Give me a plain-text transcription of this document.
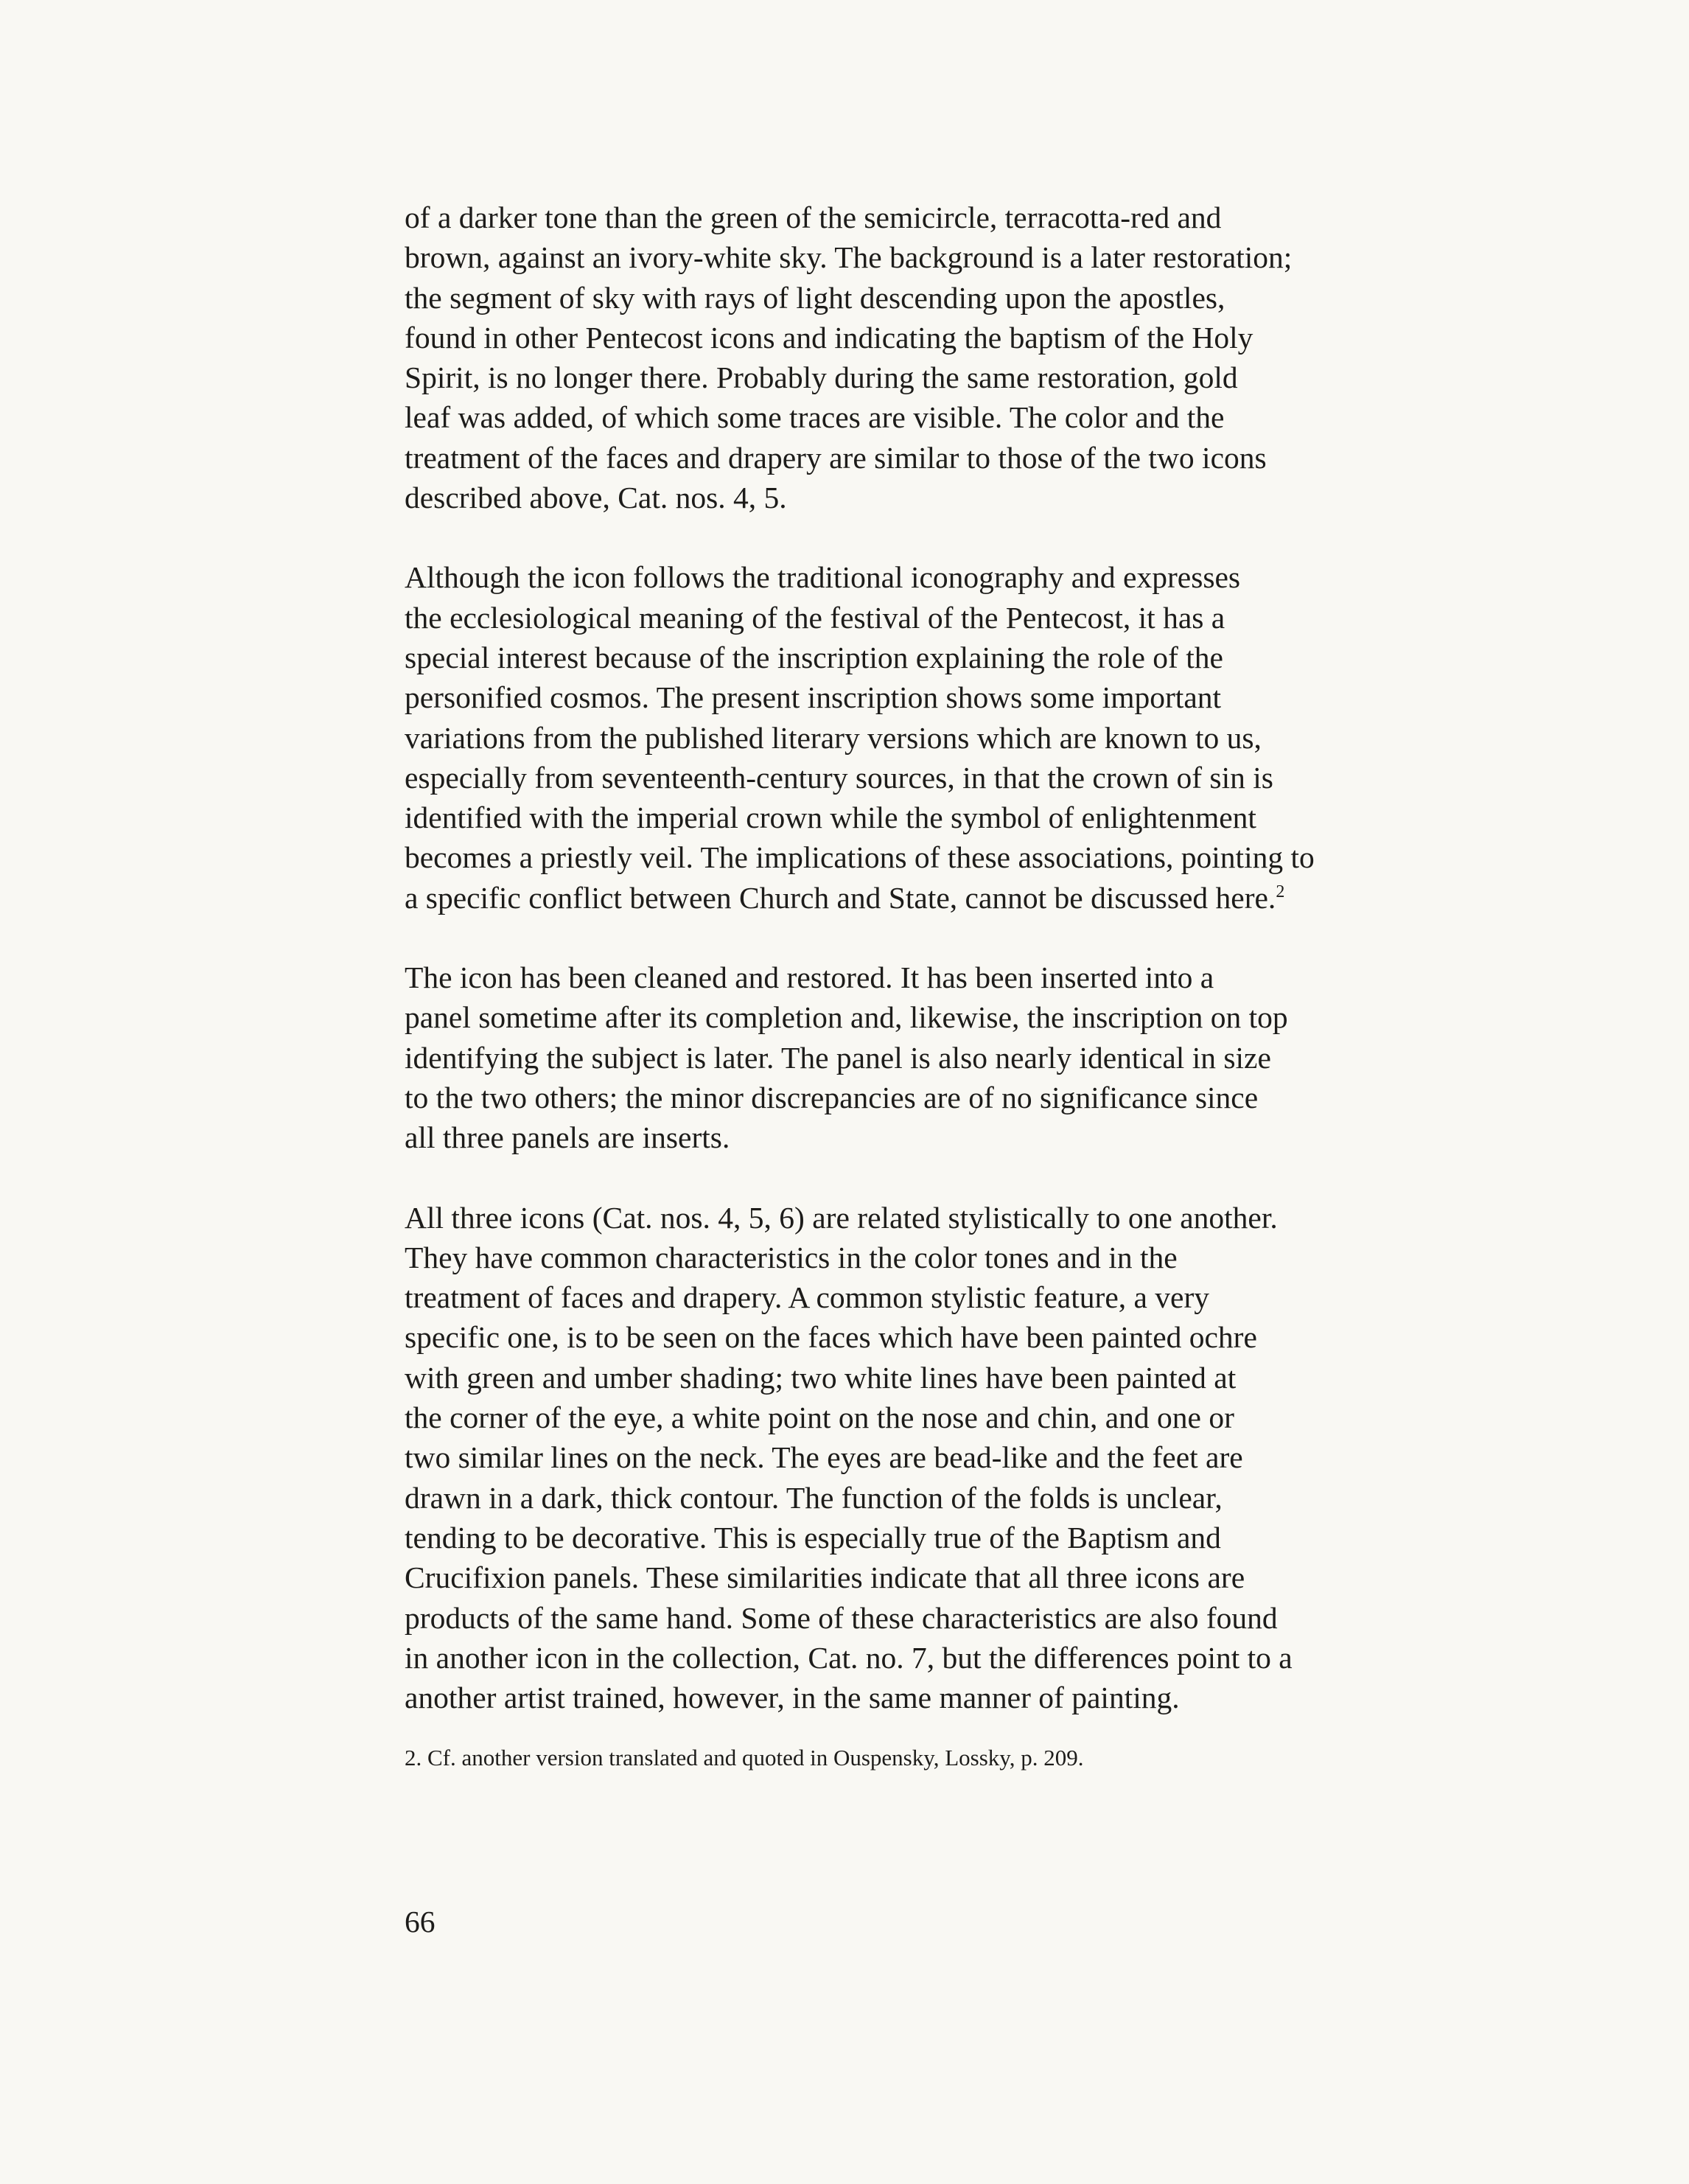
of a darker tone than the green of the semicircle, terracotta-red and
brown, against an ivory-white sky. The background is a later restoration;
the segment of sky with rays of light descending upon the apostles,
found in other Pentecost icons and indicating the baptism of the Holy
Spirit, is no longer there. Probably during the same restoration, gold
leaf was added, of which some traces are visible. The color and the
treatment of the faces and drapery are similar to those of the two icons
described above, Cat. nos. 4, 5.

Although the icon follows the traditional iconography and expresses
the ecclesiological meaning of the festival of the Pentecost, it has a
special interest because of the inscription explaining the role of the
personified cosmos. The present inscription shows some important
variations from the published literary versions which are known to us,
especially from seventeenth-century sources, in that the crown of sin is
identified with the imperial crown while the symbol of enlightenment
becomes a priestly veil. The implications of these associations, pointing to
a specific conflict between Church and State, cannot be discussed here.$^2$

The icon has been cleaned and restored. It has been inserted into a
panel sometime after its completion and, likewise, the inscription on top
identifying the subject is later. The panel is also nearly identical in size
to the two others; the minor discrepancies are of no significance since
all three panels are inserts.

All three icons (Cat. nos. 4, 5, 6) are related stylistically to one another.
They have common characteristics in the color tones and in the
treatment of faces and drapery. A common stylistic feature, a very
specific one, is to be seen on the faces which have been painted ochre
with green and umber shading; two white lines have been painted at
the corner of the eye, a white point on the nose and chin, and one or
two similar lines on the neck. The eyes are bead-like and the feet are
drawn in a dark, thick contour. The function of the folds is unclear,
tending to be decorative. This is especially true of the Baptism and
Crucifixion panels. These similarities indicate that all three icons are
products of the same hand. Some of these characteristics are also found
in another icon in the collection, Cat. no. 7, but the differences point to a
another artist trained, however, in the same manner of painting.

2. Cf. another version translated and quoted in Ouspensky, Lossky, p. 209.

66
